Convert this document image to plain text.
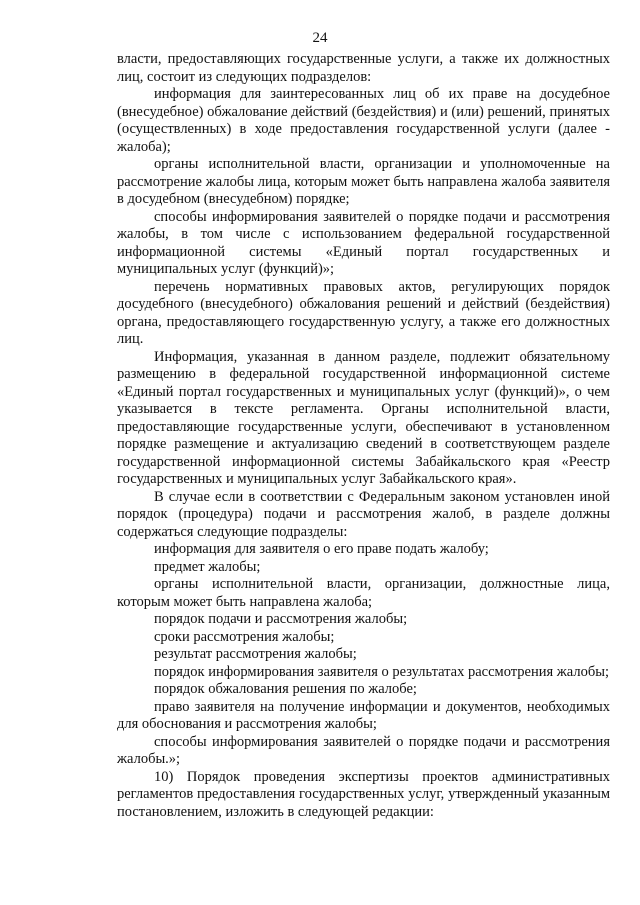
24

власти, предоставляющих государственные услуги, а также их должностных лиц, состоит из следующих подразделов:

информация для заинтересованных лиц об их праве на досудебное (внесудебное) обжалование действий (бездействия) и (или) решений, принятых (осуществленных) в ходе предоставления государственной услуги (далее - жалоба);

органы исполнительной власти, организации и уполномоченные на рассмотрение жалобы лица, которым может быть направлена жалоба заявителя в досудебном (внесудебном) порядке;

способы информирования заявителей о порядке подачи и рассмотрения жалобы, в том числе с использованием федеральной государственной информационной системы «Единый портал государственных и муниципальных услуг (функций)»;

перечень нормативных правовых актов, регулирующих порядок досудебного (внесудебного) обжалования решений и действий (бездействия) органа, предоставляющего государственную услугу, а также его должностных лиц.

Информация, указанная в данном разделе, подлежит обязательному размещению в федеральной государственной информационной системе «Единый портал государственных и муниципальных услуг (функций)», о чем указывается в тексте регламента. Органы исполнительной власти, предоставляющие государственные услуги, обеспечивают в установленном порядке размещение и актуализацию сведений в соответствующем разделе государственной информационной системы Забайкальского края «Реестр государственных и муниципальных услуг Забайкальского края».

В случае если в соответствии с Федеральным законом установлен иной порядок (процедура) подачи и рассмотрения жалоб, в разделе должны содержаться следующие подразделы:

информация для заявителя о его праве подать жалобу;

предмет жалобы;

органы исполнительной власти, организации, должностные лица, которым может быть направлена жалоба;

порядок подачи и рассмотрения жалобы;

сроки рассмотрения жалобы;

результат рассмотрения жалобы;

порядок информирования заявителя о результатах рассмотрения жалобы;

порядок обжалования решения по жалобе;

право заявителя на получение информации и документов, необходимых для обоснования и рассмотрения жалобы;

способы информирования заявителей о порядке подачи и рассмотрения жалобы.»;

10) Порядок проведения экспертизы проектов административных регламентов предоставления государственных услуг, утвержденный указанным постановлением, изложить в следующей редакции:
